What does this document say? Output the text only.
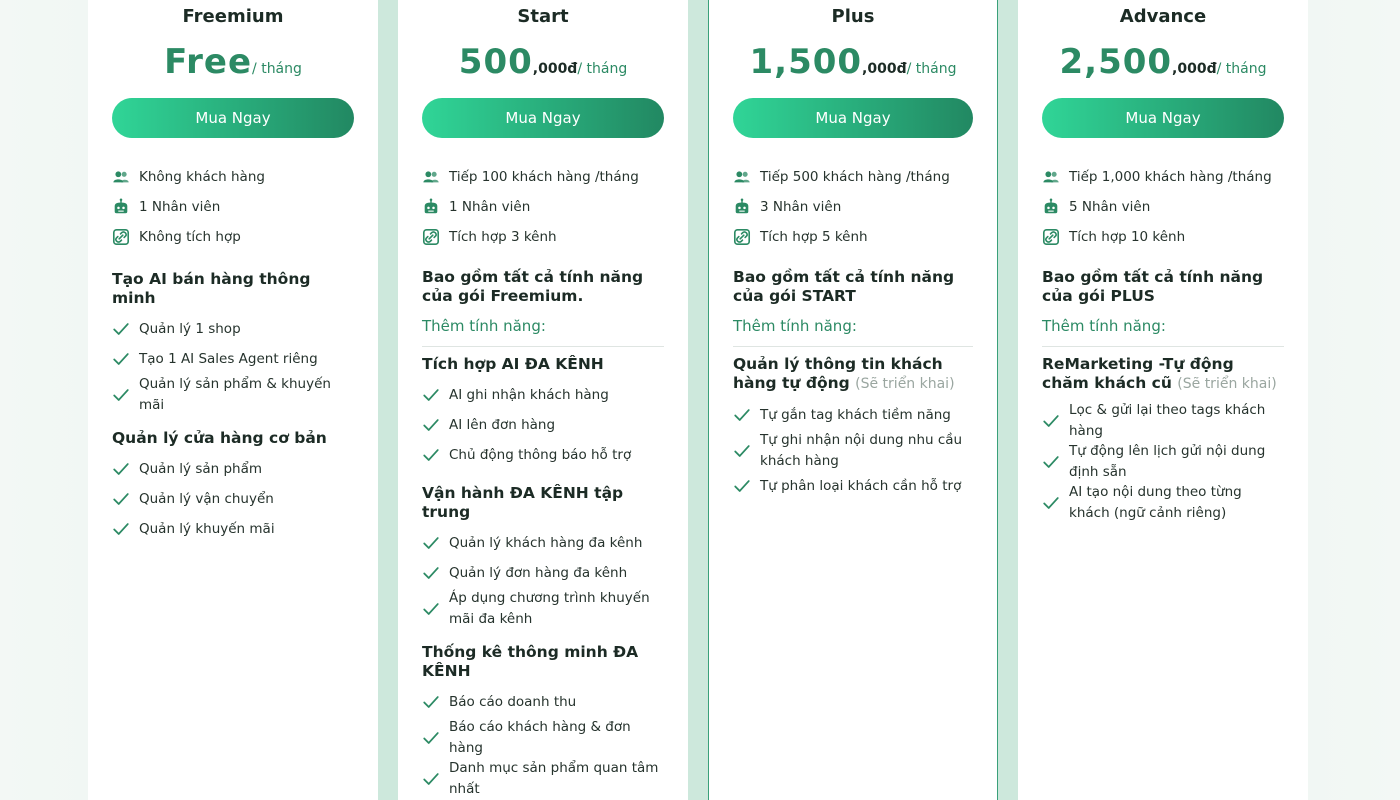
Freemium
Free/ tháng
Mua Ngay
Không khách hàng
1 Nhân viên
Không tích hợp
Tạo AI bán hàng thông minh
Quản lý 1 shop
Tạo 1 AI Sales Agent riêng
Quản lý sản phẩm & khuyến mãi
Quản lý cửa hàng cơ bản
Quản lý sản phẩm
Quản lý vận chuyển
Quản lý khuyến mãi
Start
500,000đ/ tháng
Mua Ngay
Tiếp 100 khách hàng /tháng
1 Nhân viên
Tích hợp 3 kênh
Bao gồm tất cả tính năng của gói Freemium.
Thêm tính năng:
Tích hợp AI ĐA KÊNH
AI ghi nhận khách hàng
AI lên đơn hàng
Chủ động thông báo hỗ trợ
Vận hành ĐA KÊNH tập trung
Quản lý khách hàng đa kênh
Quản lý đơn hàng đa kênh
Áp dụng chương trình khuyến mãi đa kênh
Thống kê thông minh ĐA KÊNH
Báo cáo doanh thu
Báo cáo khách hàng & đơn hàng
Danh mục sản phẩm quan tâm nhất
Plus
1,500,000đ/ tháng
Mua Ngay
Tiếp 500 khách hàng /tháng
3 Nhân viên
Tích hợp 5 kênh
Bao gồm tất cả tính năng của gói START
Thêm tính năng:
Quản lý thông tin khách hàng tự động (Sẽ triển khai)
Tự gắn tag khách tiềm năng
Tự ghi nhận nội dung nhu cầu khách hàng
Tự phân loại khách cần hỗ trợ
Advance
2,500,000đ/ tháng
Mua Ngay
Tiếp 1,000 khách hàng /tháng
5 Nhân viên
Tích hợp 10 kênh
Bao gồm tất cả tính năng của gói PLUS
Thêm tính năng:
ReMarketing -Tự động chăm khách cũ (Sẽ triển khai)
Lọc & gửi lại theo tags khách hàng
Tự động lên lịch gửi nội dung định sẵn
AI tạo nội dung theo từng khách (ngữ cảnh riêng)
